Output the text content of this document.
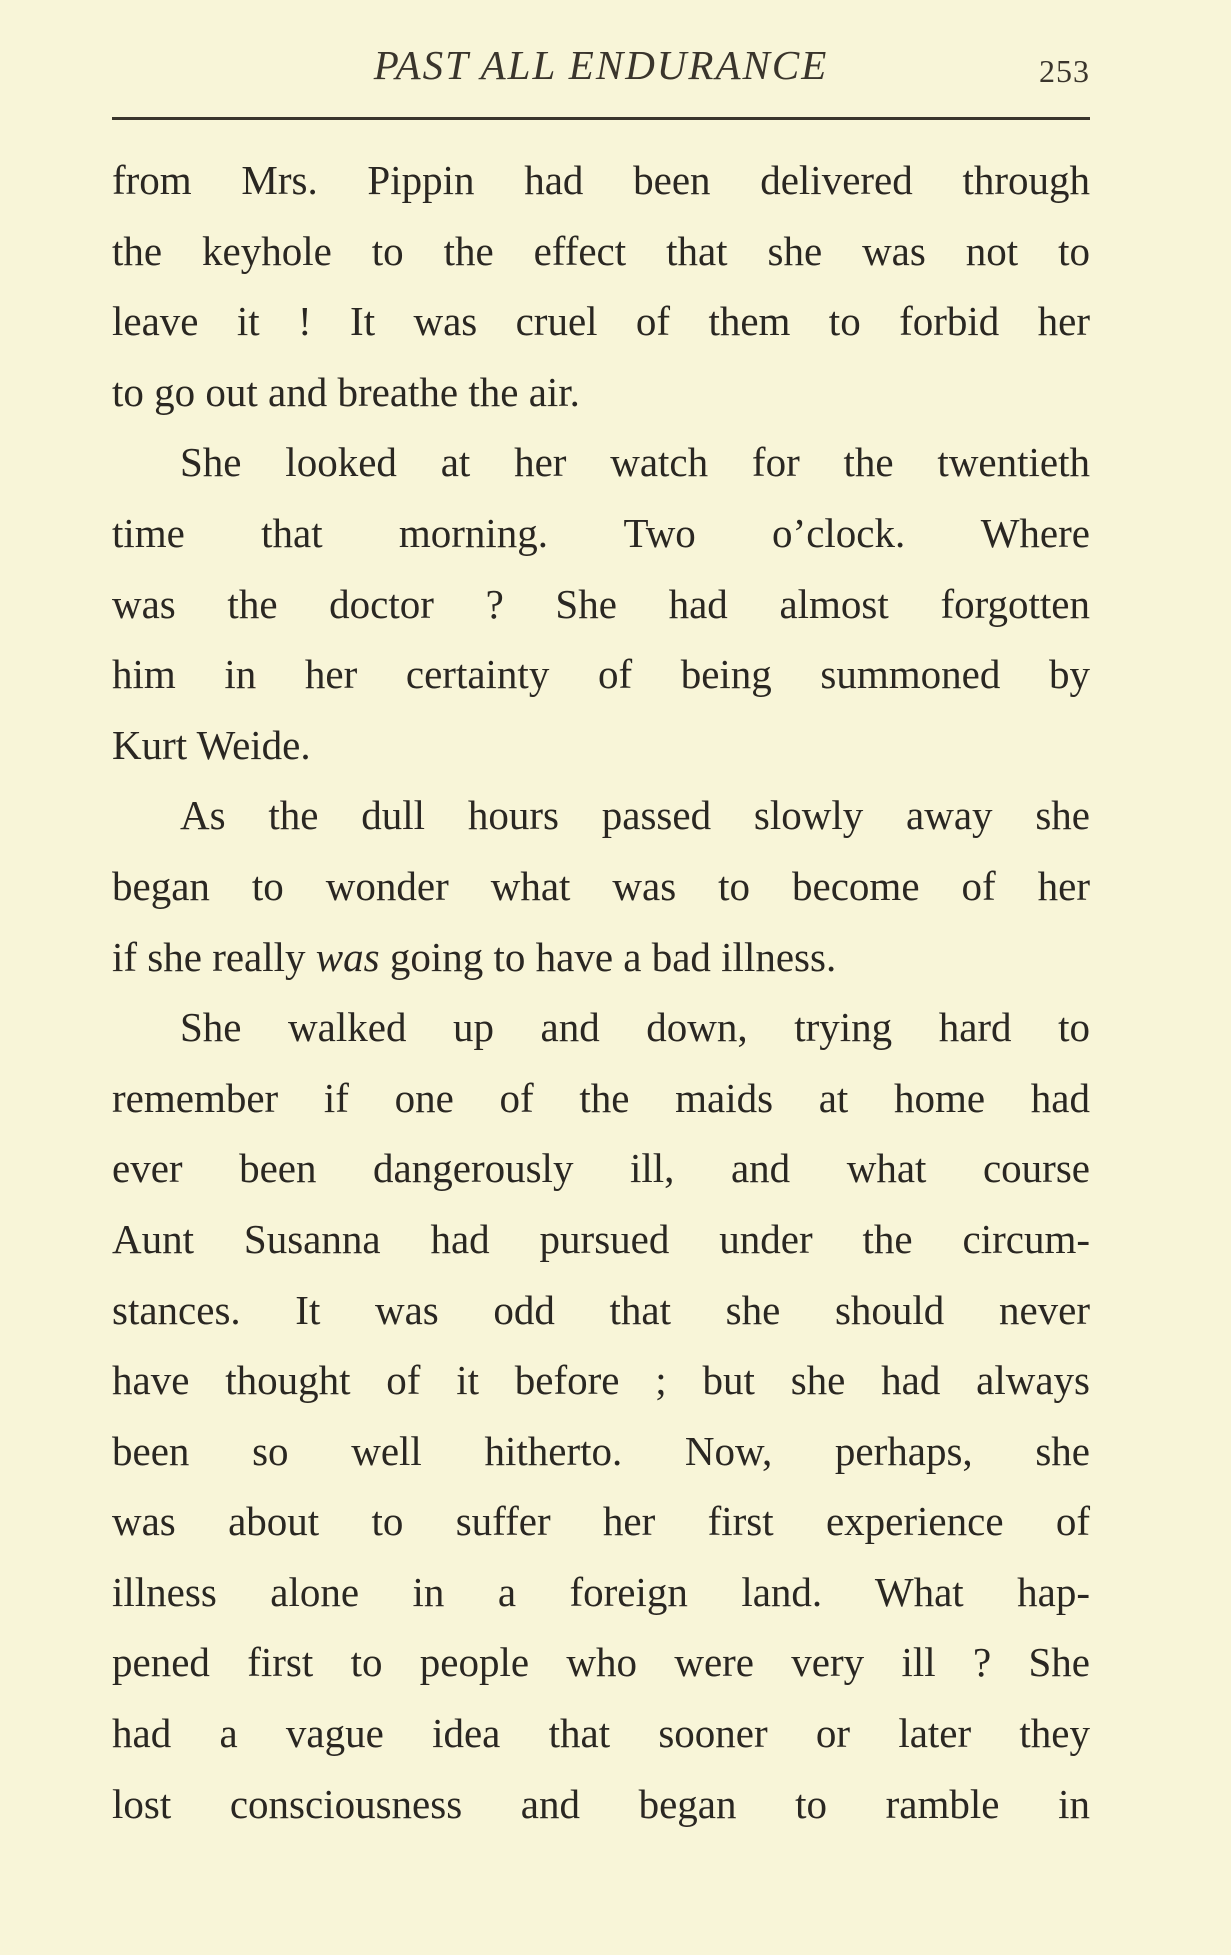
PAST ALL ENDURANCE	253
from Mrs. Pippin had been delivered through
the keyhole to the effect that she was not to
leave it ! It was cruel of them to forbid her
to go out and breathe the air.
She looked at her watch for the twentieth
time that morning. Two o’clock. Where
was the doctor ? She had almost forgotten
him in her certainty of being summoned by
Kurt Weide.
As the dull hours passed slowly away she
began to wonder what was to become of her
if she really was going to have a bad illness.
She walked up and down, trying hard to
remember if one of the maids at home had
ever been dangerously ill, and what course
Aunt Susanna had pursued under the circum-
stances. It was odd that she should never
have thought of it before ; but she had always
been so well hitherto. Now, perhaps, she
was about to suffer her first experience of
illness alone in a foreign land. What hap-
pened first to people who were very ill ? She
had a vague idea that sooner or later they
lost consciousness and began to ramble in
